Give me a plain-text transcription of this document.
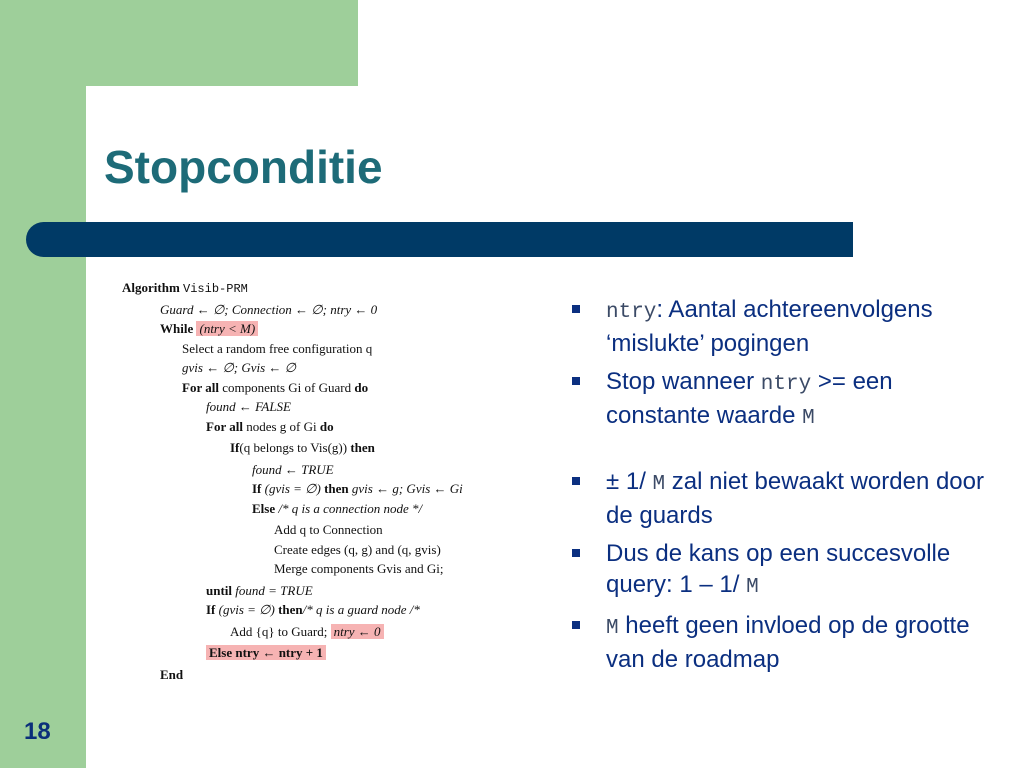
Stopconditie
Algorithm Visib-PRM
Guard ← ∅; Connection ← ∅; ntry ← 0
While (ntry < M)
Select a random free configuration q
gvis ← ∅; Gvis ← ∅
For all components Gi of Guard do
found ← FALSE
For all nodes g of Gi do
If(q belongs to Vis(g)) then
found ← TRUE
If (gvis = ∅) then gvis ← g; Gvis ← Gi
Else /* q is a connection node */
Add q to Connection
Create edges (q, g) and (q, gvis)
Merge components Gvis and Gi;
until found = TRUE
If (gvis = ∅) then/* q is a guard node /*
Add {q} to Guard; ntry ← 0
Else ntry ← ntry + 1
End
ntry: Aantal achtereenvolgens ‘mislukte’ pogingen
Stop wanneer ntry >= een constante waarde M
± 1/ M zal niet bewaakt worden door de guards
Dus de kans op een succesvolle query: 1 – 1/ M
M heeft geen invloed op de grootte van de roadmap
18
